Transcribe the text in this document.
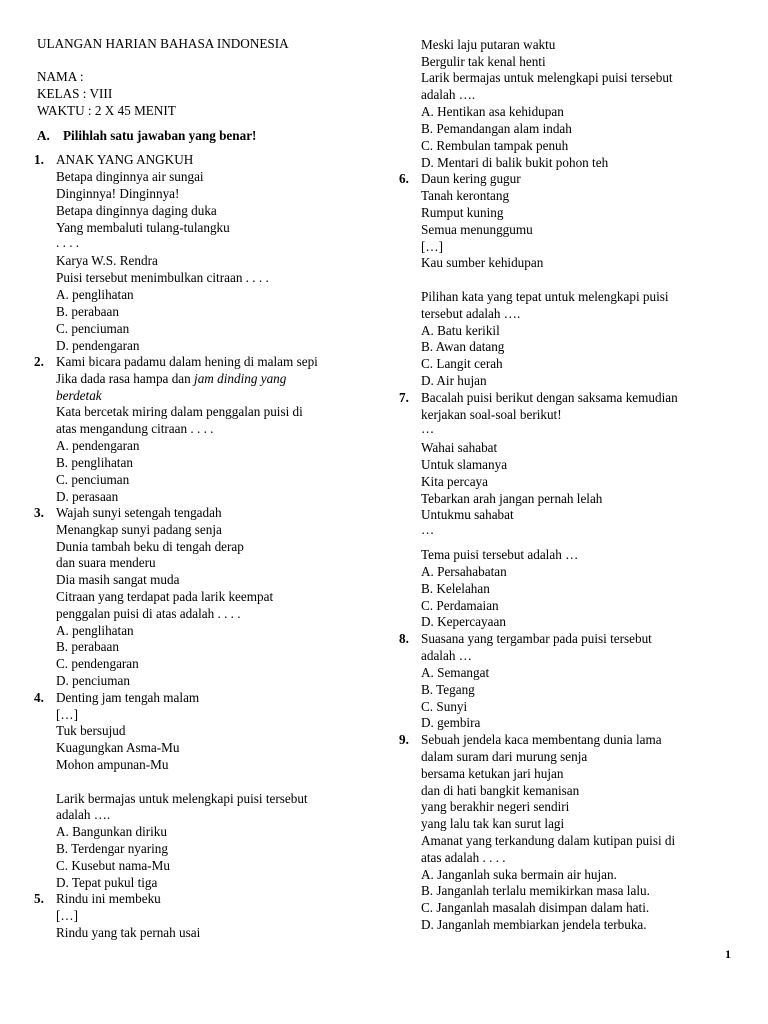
ULANGAN HARIAN BAHASA INDONESIA
NAMA :
KELAS : VIII
WAKTU : 2 X 45 MENIT
A. Pilihlah satu jawaban yang benar!
1. ANAK YANG ANGKUH
Betapa dinginnya air sungai
Dinginnya! Dinginnya!
Betapa dinginnya daging duka
Yang membaluti tulang-tulangku
. . . .
Karya W.S. Rendra
Puisi tersebut menimbulkan citraan . . . .
A. penglihatan
B. perabaan
C. penciuman
D. pendengaran
2. Kami bicara padamu dalam hening di malam sepi
Jika dada rasa hampa dan jam dinding yang
berdetak
Kata bercetak miring dalam penggalan puisi di
atas mengandung citraan . . . .
A. pendengaran
B. penglihatan
C. penciuman
D. perasaan
3. Wajah sunyi setengah tengadah
Menangkap sunyi padang senja
Dunia tambah beku di tengah derap
dan suara menderu
Dia masih sangat muda
Citraan yang terdapat pada larik keempat
penggalan puisi di atas adalah . . . .
A. penglihatan
B. perabaan
C. pendengaran
D. penciuman
4. Denting jam tengah malam
[…]
Tuk bersujud
Kuagungkan Asma-Mu
Mohon ampunan-Mu
Larik bermajas untuk melengkapi puisi tersebut
adalah ….
A. Bangunkan diriku
B. Terdengar nyaring
C. Kusebut nama-Mu
D. Tepat pukul tiga
5. Rindu ini membeku
[…]
Rindu yang tak pernah usai
Meski laju putaran waktu
Bergulir tak kenal henti
Larik bermajas untuk melengkapi puisi tersebut
adalah ….
A. Hentikan asa kehidupan
B. Pemandangan alam indah
C. Rembulan tampak penuh
D. Mentari di balik bukit pohon teh
6. Daun kering gugur
Tanah kerontang
Rumput kuning
Semua menunggumu
[…]
Kau sumber kehidupan
Pilihan kata yang tepat untuk melengkapi puisi
tersebut adalah ….
A. Batu kerikil
B. Awan datang
C. Langit cerah
D. Air hujan
7. Bacalah puisi berikut dengan saksama kemudian
kerjakan soal-soal berikut!
…
Wahai sahabat
Untuk slamanya
Kita percaya
Tebarkan arah jangan pernah lelah
Untukmu sahabat
…
Tema puisi tersebut adalah …
A. Persahabatan
B. Kelelahan
C. Perdamaian
D. Kepercayaan
8. Suasana yang tergambar pada puisi tersebut
adalah …
A. Semangat
B. Tegang
C. Sunyi
D. gembira
9. Sebuah jendela kaca membentang dunia lama
dalam suram dari murung senja
bersama ketukan jari hujan
dan di hati bangkit kemanisan
yang berakhir negeri sendiri
yang lalu tak kan surut lagi
Amanat yang terkandung dalam kutipan puisi di
atas adalah . . . .
A. Janganlah suka bermain air hujan.
B. Janganlah terlalu memikirkan masa lalu.
C. Janganlah masalah disimpan dalam hati.
D. Janganlah membiarkan jendela terbuka.
1
